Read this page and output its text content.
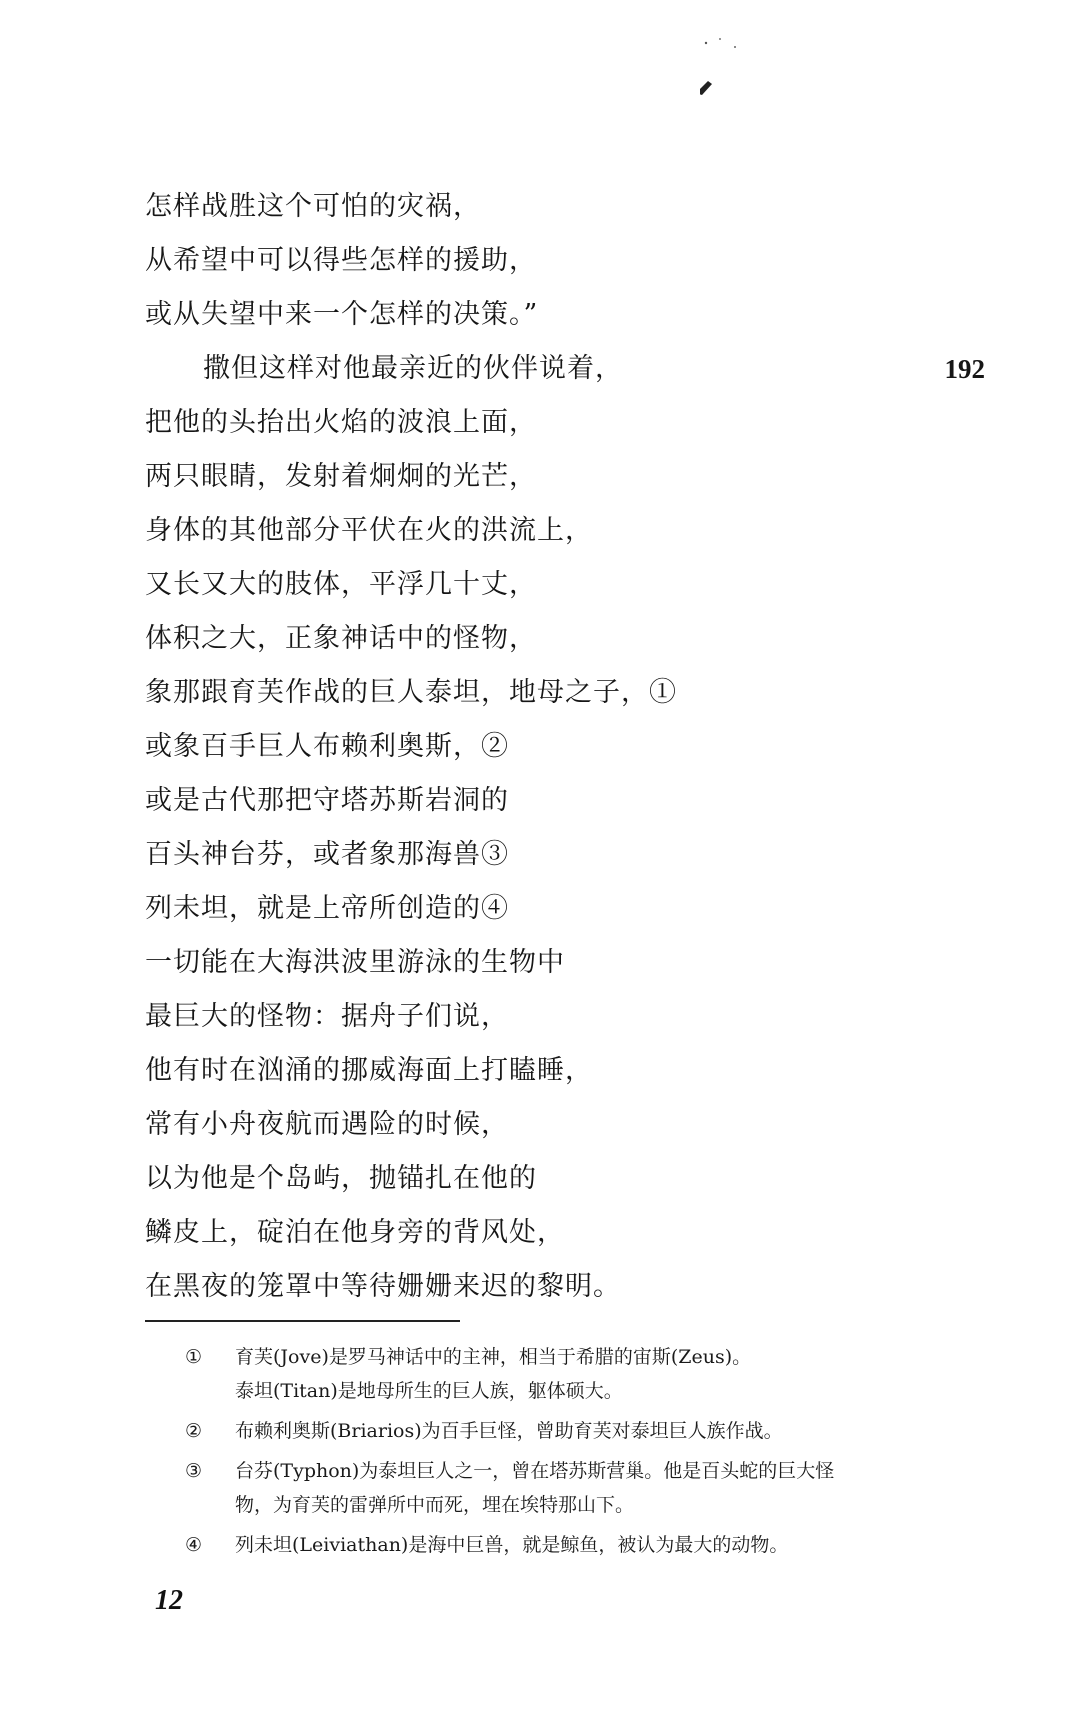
怎样战胜这个可怕的灾祸，
从希望中可以得些怎样的援助，
或从失望中来一个怎样的决策。”
撒但这样对他最亲近的伙伴说着，	192
把他的头抬出火焰的波浪上面，
两只眼睛，发射着炯炯的光芒，
身体的其他部分平伏在火的洪流上，
又长又大的肢体，平浮几十丈，
体积之大，正象神话中的怪物，
象那跟育芙作战的巨人泰坦，地母之子，①
或象百手巨人布赖利奥斯，②
或是古代那把守塔苏斯岩洞的
百头神台芬，或者象那海兽③
列未坦，就是上帝所创造的④
一切能在大海洪波里游泳的生物中
最巨大的怪物：据舟子们说，
他有时在汹涌的挪威海面上打瞌睡，
常有小舟夜航而遇险的时候，
以为他是个岛屿，抛锚扎在他的
鳞皮上，碇泊在他身旁的背风处，
在黑夜的笼罩中等待姗姗来迟的黎明。
① 育芙(Jove)是罗马神话中的主神，相当于希腊的宙斯(Zeus)。
泰坦(Titan)是地母所生的巨人族，躯体硕大。
② 布赖利奥斯(Briarios)为百手巨怪，曾助育芙对泰坦巨人族作战。
③ 台芬(Typhon)为泰坦巨人之一，曾在塔苏斯营巢。他是百头蛇的巨大怪
物，为育芙的雷弹所中而死，埋在埃特那山下。
④ 列未坦(Leiviathan)是海中巨兽，就是鲸鱼，被认为最大的动物。
12
